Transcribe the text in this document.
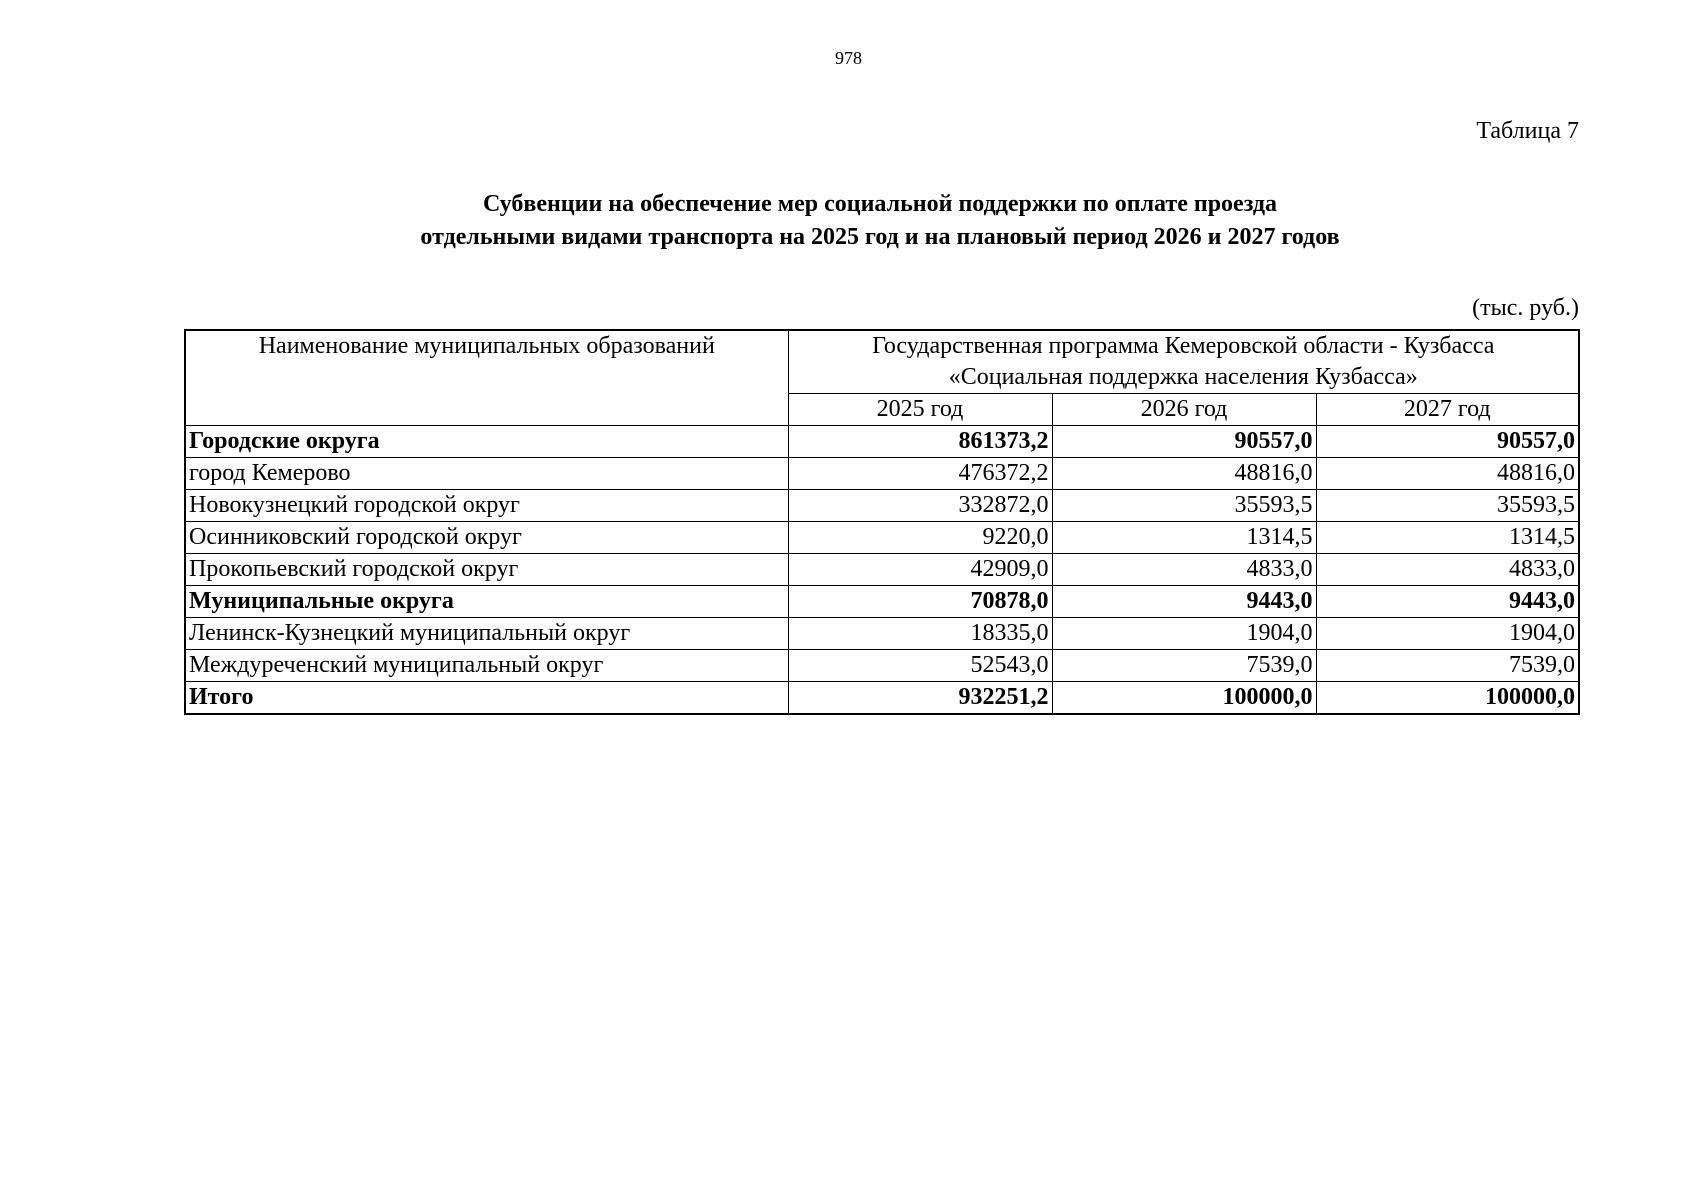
978
Таблица 7
Субвенции на обеспечение мер социальной поддержки по оплате проезда
отдельными видами транспорта на 2025 год и на плановый период 2026 и 2027 годов
(тыс. руб.)
Наименование муниципальных образований	Государственная программа Кемеровской области - Кузбасса
«Социальная поддержка населения Кузбасса»		

	2025 год	2026 год	2027 год
Городские округа	861373,2	90557,0	90557,0
город Кемерово	476372,2	48816,0	48816,0
Новокузнецкий городской округ	332872,0	35593,5	35593,5
Осинниковский городской округ	9220,0	1314,5	1314,5
Прокопьевский городской округ	42909,0	4833,0	4833,0
Муниципальные округа	70878,0	9443,0	9443,0
Ленинск-Кузнецкий муниципальный округ	18335,0	1904,0	1904,0
Междуреченский муниципальный округ	52543,0	7539,0	7539,0
Итого	932251,2	100000,0	100000,0
